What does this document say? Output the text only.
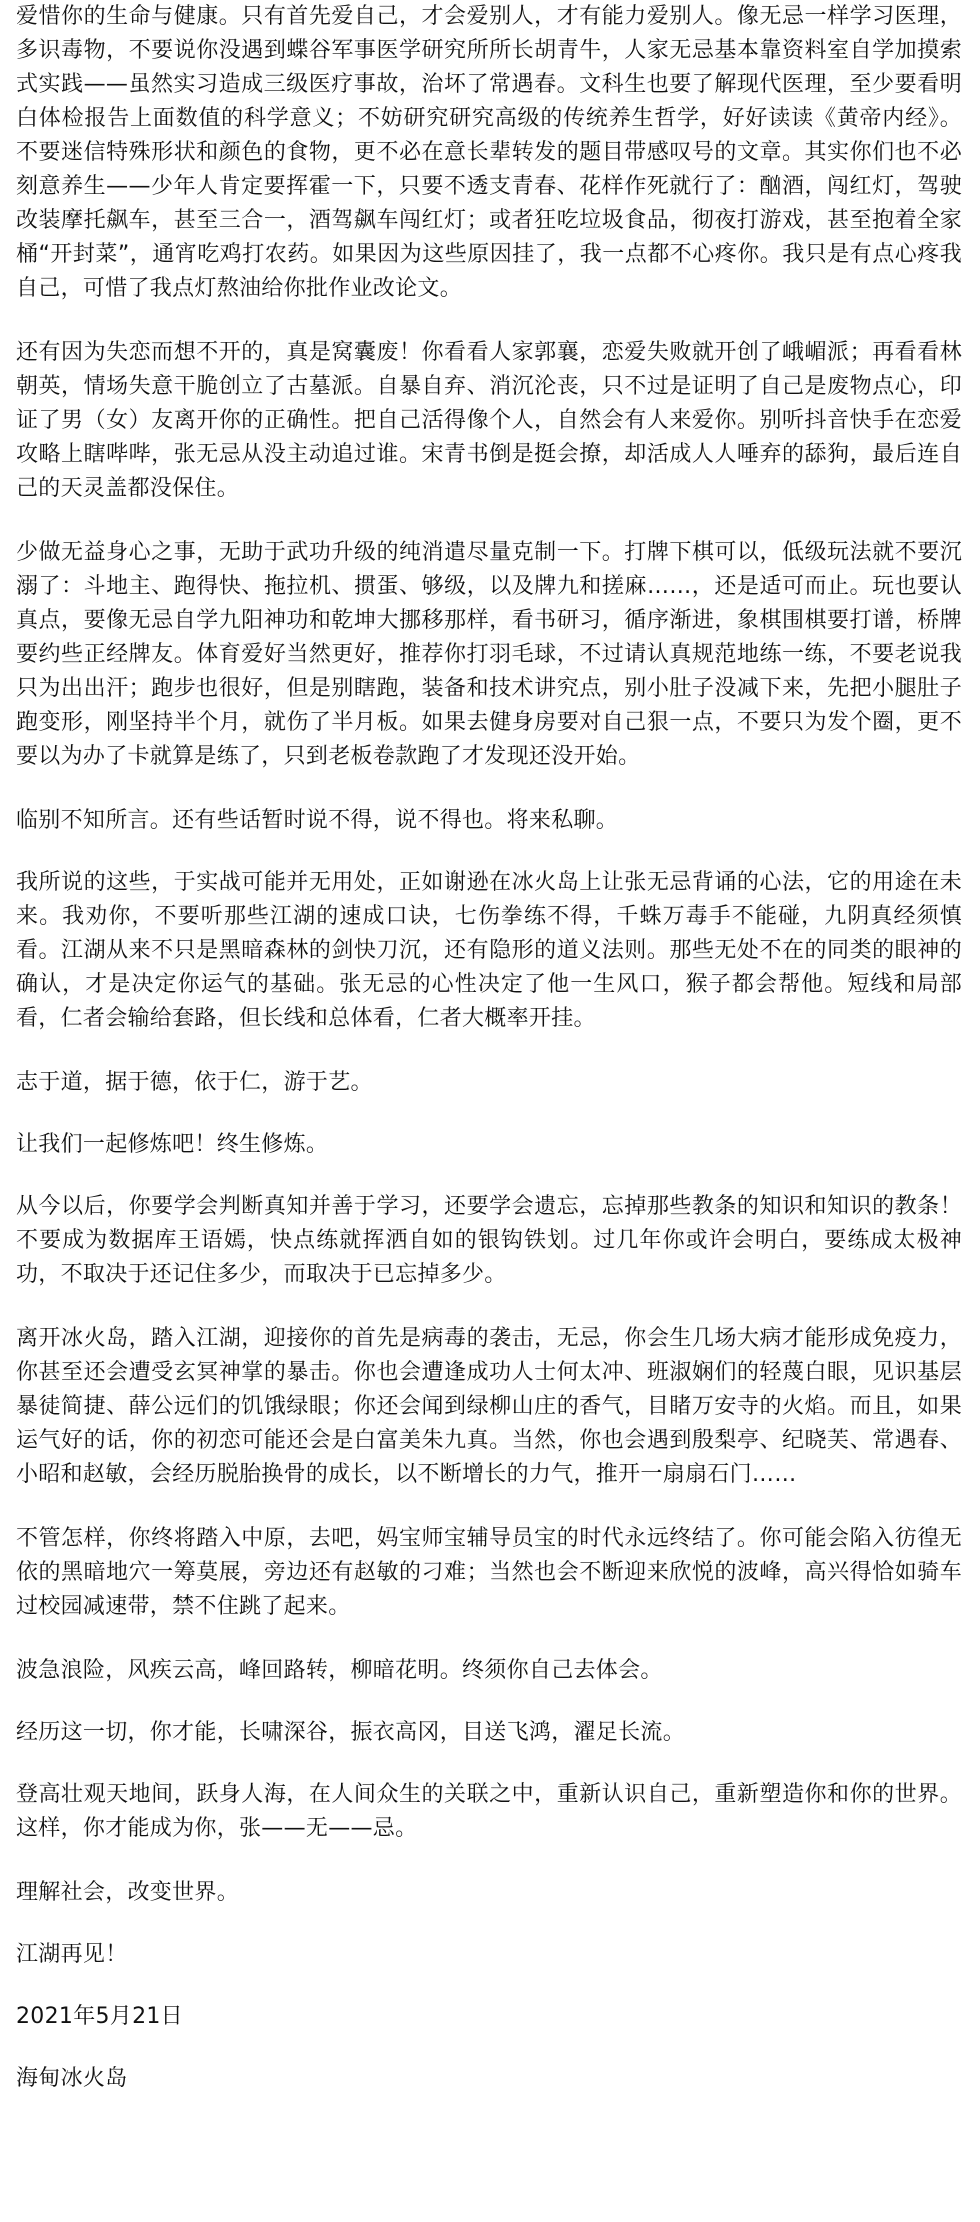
爱惜你的生命与健康。只有首先爱自己，才会爱别人，才有能力爱别人。像无忌一样学习医理，多识毒物，不要说你没遇到蝶谷军事医学研究所所长胡青牛，人家无忌基本靠资料室自学加摸索式实践——虽然实习造成三级医疗事故，治坏了常遇春。文科生也要了解现代医理，至少要看明白体检报告上面数值的科学意义；不妨研究研究高级的传统养生哲学，好好读读《黄帝内经》。不要迷信特殊形状和颜色的食物，更不必在意长辈转发的题目带感叹号的文章。其实你们也不必刻意养生——少年人肯定要挥霍一下，只要不透支青春、花样作死就行了：酗酒，闯红灯，驾驶改装摩托飙车，甚至三合一，酒驾飙车闯红灯；或者狂吃垃圾食品，彻夜打游戏，甚至抱着全家桶“开封菜”，通宵吃鸡打农药。如果因为这些原因挂了，我一点都不心疼你。我只是有点心疼我自己，可惜了我点灯熬油给你批作业改论文。

还有因为失恋而想不开的，真是窝囊废！你看看人家郭襄，恋爱失败就开创了峨嵋派；再看看林朝英，情场失意干脆创立了古墓派。自暴自弃、消沉沦丧，只不过是证明了自己是废物点心，印证了男（女）友离开你的正确性。把自己活得像个人，自然会有人来爱你。别听抖音快手在恋爱攻略上瞎哔哔，张无忌从没主动追过谁。宋青书倒是挺会撩，却活成人人唾弃的舔狗，最后连自己的天灵盖都没保住。

少做无益身心之事，无助于武功升级的纯消遣尽量克制一下。打牌下棋可以，低级玩法就不要沉溺了：斗地主、跑得快、拖拉机、掼蛋、够级，以及牌九和搓麻……，还是适可而止。玩也要认真点，要像无忌自学九阳神功和乾坤大挪移那样，看书研习，循序渐进，象棋围棋要打谱，桥牌要约些正经牌友。体育爱好当然更好，推荐你打羽毛球，不过请认真规范地练一练，不要老说我只为出出汗；跑步也很好，但是别瞎跑，装备和技术讲究点，别小肚子没减下来，先把小腿肚子跑变形，刚坚持半个月，就伤了半月板。如果去健身房要对自己狠一点，不要只为发个圈，更不要以为办了卡就算是练了，只到老板卷款跑了才发现还没开始。

临别不知所言。还有些话暂时说不得，说不得也。将来私聊。

我所说的这些，于实战可能并无用处，正如谢逊在冰火岛上让张无忌背诵的心法，它的用途在未来。我劝你，不要听那些江湖的速成口诀，七伤拳练不得，千蛛万毒手不能碰，九阴真经须慎看。江湖从来不只是黑暗森林的剑快刀沉，还有隐形的道义法则。那些无处不在的同类的眼神的确认，才是决定你运气的基础。张无忌的心性决定了他一生风口，猴子都会帮他。短线和局部看，仁者会输给套路，但长线和总体看，仁者大概率开挂。

志于道，据于德，依于仁，游于艺。

让我们一起修炼吧！终生修炼。

从今以后，你要学会判断真知并善于学习，还要学会遗忘，忘掉那些教条的知识和知识的教条！不要成为数据库王语嫣，快点练就挥洒自如的银钩铁划。过几年你或许会明白，要练成太极神功，不取决于还记住多少，而取决于已忘掉多少。

离开冰火岛，踏入江湖，迎接你的首先是病毒的袭击，无忌，你会生几场大病才能形成免疫力，你甚至还会遭受玄冥神掌的暴击。你也会遭逢成功人士何太冲、班淑娴们的轻蔑白眼，见识基层暴徒简捷、薛公远们的饥饿绿眼；你还会闻到绿柳山庄的香气，目睹万安寺的火焰。而且，如果运气好的话，你的初恋可能还会是白富美朱九真。当然，你也会遇到殷梨亭、纪晓芙、常遇春、小昭和赵敏，会经历脱胎换骨的成长，以不断增长的力气，推开一扇扇石门……

不管怎样，你终将踏入中原，去吧，妈宝师宝辅导员宝的时代永远终结了。你可能会陷入彷徨无依的黑暗地穴一筹莫展，旁边还有赵敏的刁难；当然也会不断迎来欣悦的波峰，高兴得恰如骑车过校园减速带，禁不住跳了起来。

波急浪险，风疾云高，峰回路转，柳暗花明。终须你自己去体会。

经历这一切，你才能，长啸深谷，振衣高冈，目送飞鸿，濯足长流。

登高壮观天地间，跃身人海，在人间众生的关联之中，重新认识自己，重新塑造你和你的世界。这样，你才能成为你，张——无——忌。

理解社会，改变世界。

江湖再见！

2021年5月21日

海甸冰火岛
